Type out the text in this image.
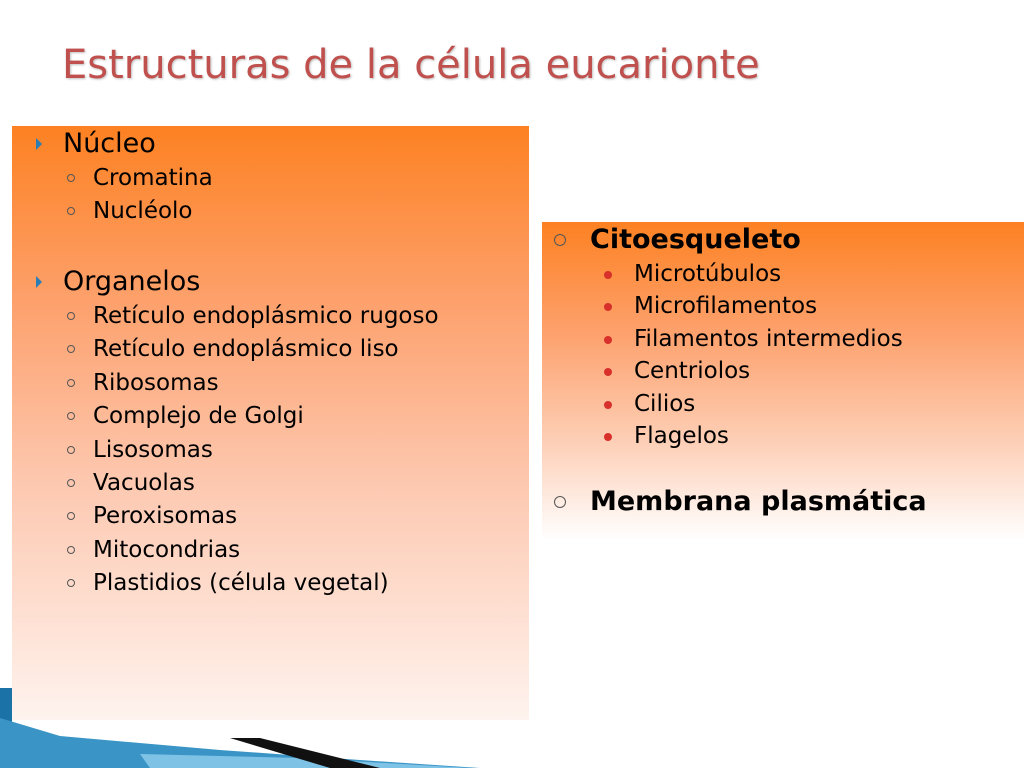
Estructuras de la célula eucarionte
Núcleo
Cromatina
Nucléolo
Organelos
Retículo endoplásmico rugoso
Retículo endoplásmico liso
Ribosomas
Complejo de Golgi
Lisosomas
Vacuolas
Peroxisomas
Mitocondrias
Plastidios (célula vegetal)
Citoesqueleto
Microtúbulos
Microfilamentos
Filamentos intermedios
Centriolos
Cilios
Flagelos
Membrana plasmática
